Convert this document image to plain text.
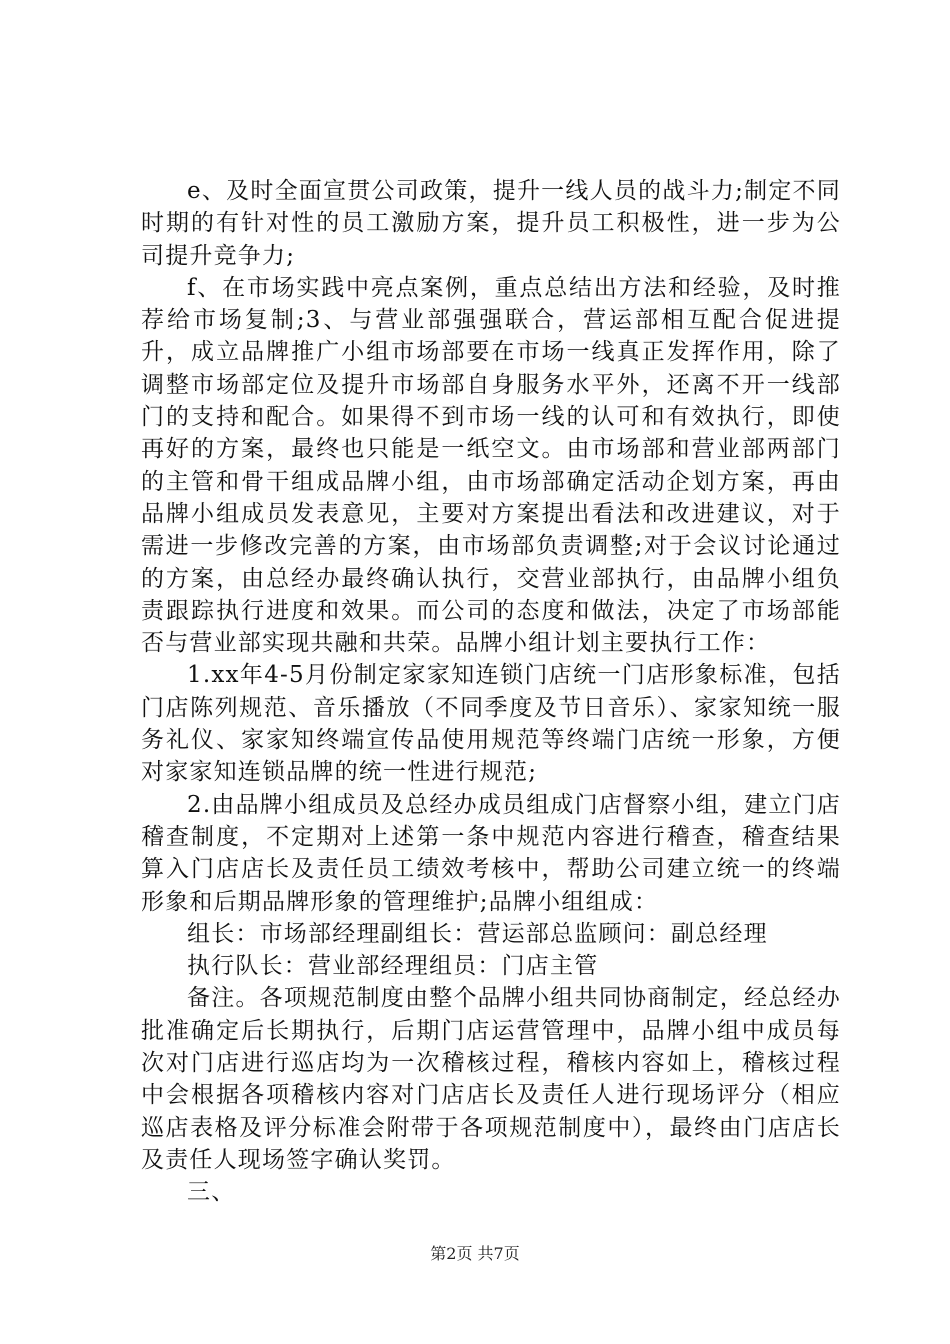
e、及时全面宣贯公司政策，提升一线人员的战斗力;制定不同时期的有针对性的员工激励方案，提升员工积极性，进一步为公司提升竞争力;

f、在市场实践中亮点案例，重点总结出方法和经验，及时推荐给市场复制;3、与营业部强强联合，营运部相互配合促进提升，成立品牌推广小组市场部要在市场一线真正发挥作用，除了调整市场部定位及提升市场部自身服务水平外，还离不开一线部门的支持和配合。如果得不到市场一线的认可和有效执行，即使再好的方案，最终也只能是一纸空文。由市场部和营业部两部门的主管和骨干组成品牌小组，由市场部确定活动企划方案，再由品牌小组成员发表意见，主要对方案提出看法和改进建议，对于需进一步修改完善的方案，由市场部负责调整;对于会议讨论通过的方案，由总经办最终确认执行，交营业部执行，由品牌小组负责跟踪执行进度和效果。而公司的态度和做法，决定了市场部能否与营业部实现共融和共荣。品牌小组计划主要执行工作：

1.xx年4-5月份制定家家知连锁门店统一门店形象标准，包括门店陈列规范、音乐播放（不同季度及节日音乐）、家家知统一服务礼仪、家家知终端宣传品使用规范等终端门店统一形象，方便对家家知连锁品牌的统一性进行规范;

2.由品牌小组成员及总经办成员组成门店督察小组，建立门店稽查制度，不定期对上述第一条中规范内容进行稽查，稽查结果算入门店店长及责任员工绩效考核中，帮助公司建立统一的终端形象和后期品牌形象的管理维护;品牌小组组成：

组长：市场部经理副组长：营运部总监顾问：副总经理

执行队长：营业部经理组员：门店主管

备注。各项规范制度由整个品牌小组共同协商制定，经总经办批准确定后长期执行，后期门店运营管理中，品牌小组中成员每次对门店进行巡店均为一次稽核过程，稽核内容如上，稽核过程中会根据各项稽核内容对门店店长及责任人进行现场评分（相应巡店表格及评分标准会附带于各项规范制度中），最终由门店店长及责任人现场签字确认奖罚。

三、

第2页 共7页
